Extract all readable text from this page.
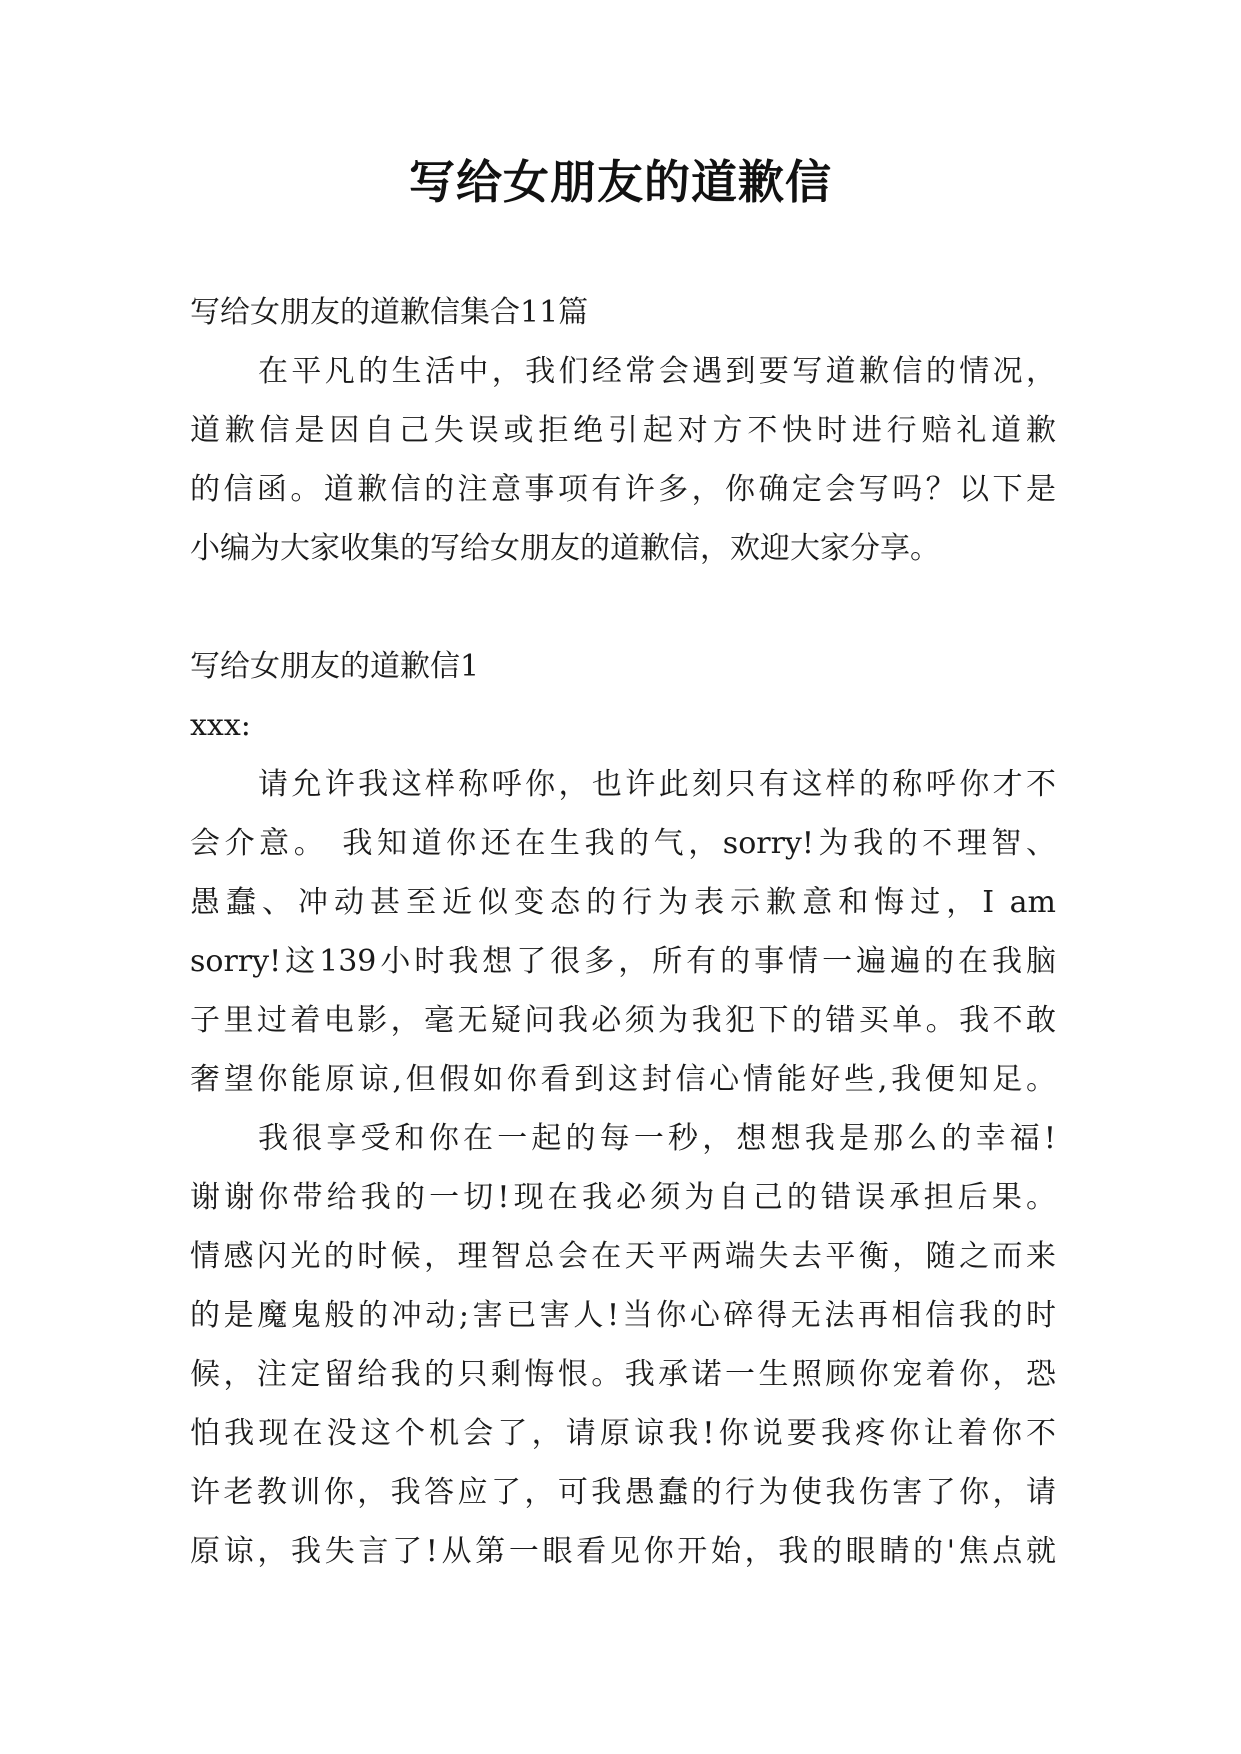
写给女朋友的道歉信

写给女朋友的道歉信集合11篇

在平凡的生活中，我们经常会遇到要写道歉信的情况，
道歉信是因自己失误或拒绝引起对方不快时进行赔礼道歉
的信函。道歉信的注意事项有许多，你确定会写吗？以下是
小编为大家收集的写给女朋友的道歉信，欢迎大家分享。

写给女朋友的道歉信1

xxx:

请允许我这样称呼你，也许此刻只有这样的称呼你才不
会介意。 我知道你还在生我的气，sorry!为我的不理智、
愚蠢、冲动甚至近似变态的行为表示歉意和悔过，I am
sorry!这139小时我想了很多，所有的事情一遍遍的在我脑
子里过着电影，毫无疑问我必须为我犯下的错买单。我不敢
奢望你能原谅,但假如你看到这封信心情能好些,我便知足。
我很享受和你在一起的每一秒，想想我是那么的幸福!
谢谢你带给我的一切!现在我必须为自己的错误承担后果。
情感闪光的时候，理智总会在天平两端失去平衡，随之而来
的是魔鬼般的冲动;害已害人!当你心碎得无法再相信我的时
候，注定留给我的只剩悔恨。我承诺一生照顾你宠着你，恐
怕我现在没这个机会了，请原谅我!你说要我疼你让着你不
许老教训你，我答应了，可我愚蠢的行为使我伤害了你，请
原谅，我失言了!从第一眼看见你开始，我的眼睛的'焦点就
